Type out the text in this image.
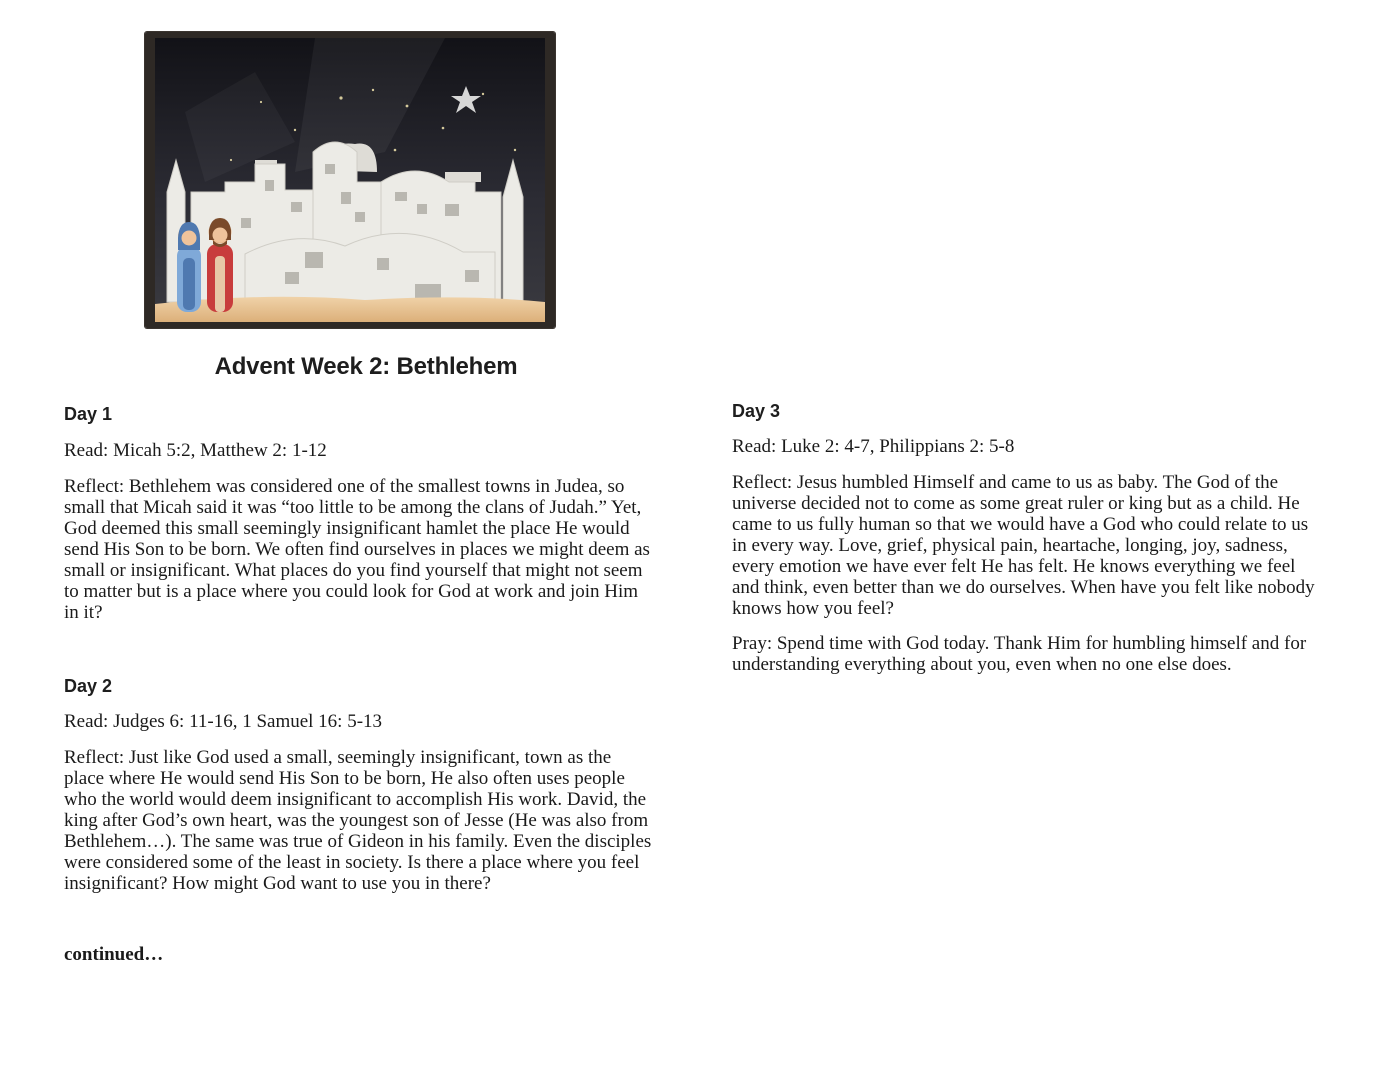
Advent Week 2: Bethlehem
Day 1

Read: Micah 5:2, Matthew 2: 1-12

Reflect: Bethlehem was considered one of the smallest towns in Judea, so
small that Micah said it was “too little to be among the clans of Judah.” Yet,
God deemed this small seemingly insignificant hamlet the place He would
send His Son to be born. We often find ourselves in places we might deem as
small or insignificant. What places do you find yourself that might not seem
to matter but is a place where you could look for God at work and join Him
in it?
Day 2

Read: Judges 6: 11-16, 1 Samuel 16: 5-13

Reflect: Just like God used a small, seemingly insignificant, town as the
place where He would send His Son to be born, He also often uses people
who the world would deem insignificant to accomplish His work. David, the
king after God’s own heart, was the youngest son of Jesse (He was also from
Bethlehem…). The same was true of Gideon in his family. Even the disciples
were considered some of the least in society. Is there a place where you feel
insignificant? How might God want to use you in there?

continued…

Day 3

Read: Luke 2: 4-7, Philippians 2: 5-8

Reflect: Jesus humbled Himself and came to us as baby. The God of the
universe decided not to come as some great ruler or king but as a child. He
came to us fully human so that we would have a God who could relate to us
in every way. Love, grief, physical pain, heartache, longing, joy, sadness,
every emotion we have ever felt He has felt. He knows everything we feel
and think, even better than we do ourselves. When have you felt like nobody
knows how you feel?
Pray: Spend time with God today. Thank Him for humbling himself and for
understanding everything about you, even when no one else does.
